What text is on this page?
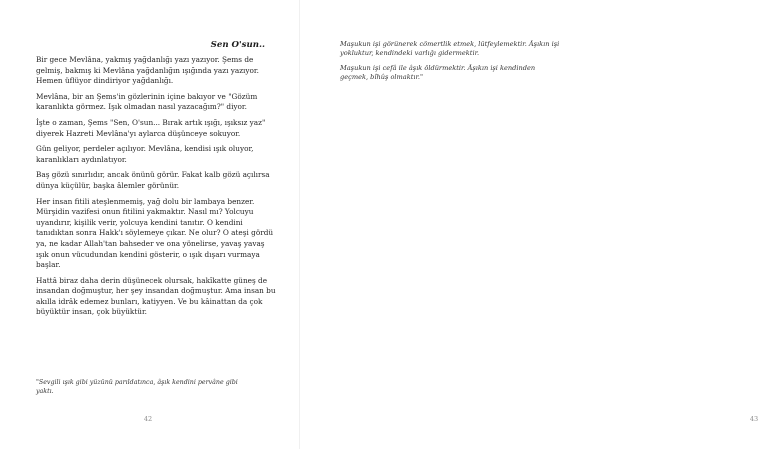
Sen O'sun..

Bir gece Mevlâna, yakmış yağdanlığı yazı yazıyor. Şems de gelmiş, bakmış ki Mevlâna yağdanlığın ışığında yazı yazıyor. Hemen üflüyor dindiriyor yağdanlığı.

Mevlâna, bir an Şems'in gözlerinin içine bakıyor ve "Gözüm karanlıkta görmez. Işık olmadan nasıl yazacağım?" diyor.

İşte o zaman, Şems "Sen, O'sun... Bırak artık ışığı, ışıksız yaz" diyerek Hazreti Mevlâna'yı aylarca düşünceye sokuyor.

Gün geliyor, perdeler açılıyor. Mevlâna, kendisi ışık oluyor, karanlıkları aydınlatıyor.

Baş gözü sınırlıdır, ancak önünü görür. Fakat kalb gözü açılırsa dünya küçülür, başka âlemler görünür.

Her insan fitili ateşlenmemiş, yağ dolu bir lambaya benzer. Mürşidin vazifesi onun fitilini yakmaktır. Nasıl mı? Yolcuyu uyandırır, kişilik verir, yolcuya kendini tanıtır. O kendini tanıdıktan sonra Hakk'ı söylemeye çıkar. Ne olur? O ateşi gördü ya, ne kadar Allah'tan bahseder ve ona yönelirse, yavaş yavaş ışık onun vücudundan kendini gösterir, o ışık dışarı vurmaya başlar.

Hattâ biraz daha derin düşünecek olursak, hakîkatte güneş de insandan doğmuştur, her şey insandan doğmuştur. Ama insan bu akılla idrâk edemez bunları, katiyyen. Ve bu kâinattan da çok büyüktür insan, çok büyüktür.

"Sevgili ışık gibi yüzünü parıldatınca, âşık kendini pervâne gibi yaktı.
42	43

Maşukun işi görünerek cömertlik etmek, lütfeylemektir. Âşıkın işi yokluktur, kendindeki varlığı gidermektir.

Maşukun işi cefâ ile âşık öldürmektir. Âşıkın işi kendinden geçmek, bîhûş olmaktır."
